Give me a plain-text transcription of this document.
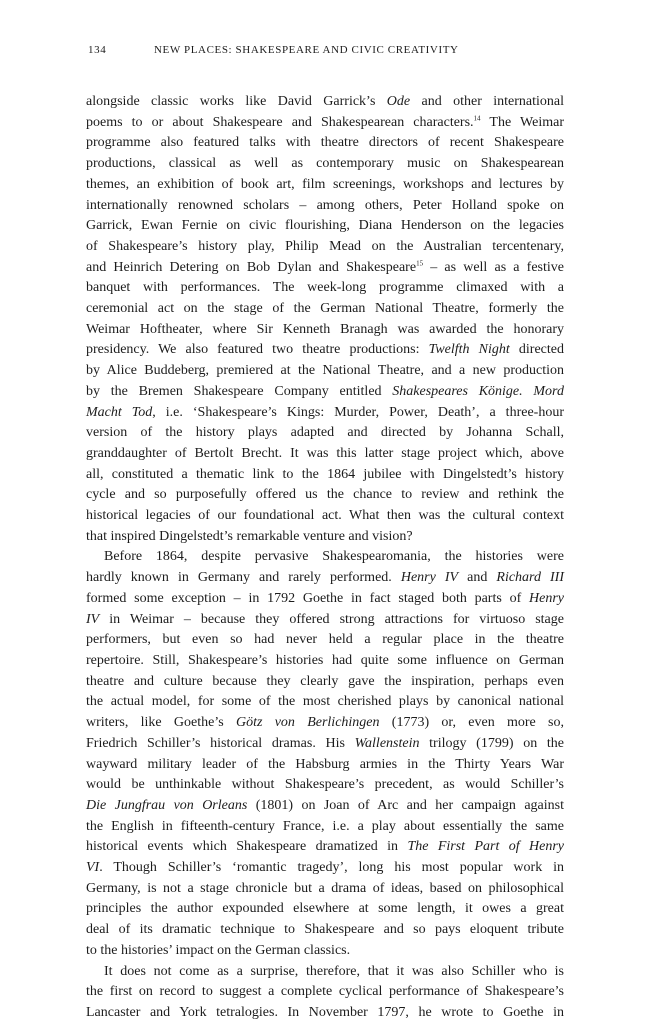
134	NEW PLACES: SHAKESPEARE AND CIVIC CREATIVITY

alongside classic works like David Garrick’s Ode and other international

poems to or about Shakespeare and Shakespearean characters.$^{14}$ The Weimar

programme also featured talks with theatre directors of recent Shakespeare

productions, classical as well as contemporary music on Shakespearean

themes, an exhibition of book art, film screenings, workshops and lectures by

internationally renowned scholars – among others, Peter Holland spoke on

Garrick, Ewan Fernie on civic flourishing, Diana Henderson on the legacies

of Shakespeare’s history play, Philip Mead on the Australian tercentenary,

and Heinrich Detering on Bob Dylan and Shakespeare$^{15}$ – as well as a festive

banquet with performances. The week-long programme climaxed with a

ceremonial act on the stage of the German National Theatre, formerly the

Weimar Hoftheater, where Sir Kenneth Branagh was awarded the honorary

presidency. We also featured two theatre productions: Twelfth Night directed

by Alice Buddeberg, premiered at the National Theatre, and a new production

by the Bremen Shakespeare Company entitled Shakespeares Könige. Mord

Macht Tod, i.e. ‘Shakespeare’s Kings: Murder, Power, Death’, a three-hour

version of the history plays adapted and directed by Johanna Schall,

granddaughter of Bertolt Brecht. It was this latter stage project which, above

all, constituted a thematic link to the 1864 jubilee with Dingelstedt’s history

cycle and so purposefully offered us the chance to review and rethink the

historical legacies of our foundational act. What then was the cultural context

that inspired Dingelstedt’s remarkable venture and vision?

Before 1864, despite pervasive Shakespearomania, the histories were

hardly known in Germany and rarely performed. Henry IV and Richard III

formed some exception – in 1792 Goethe in fact staged both parts of Henry

IV in Weimar – because they offered strong attractions for virtuoso stage

performers, but even so had never held a regular place in the theatre

repertoire. Still, Shakespeare’s histories had quite some influence on German

theatre and culture because they clearly gave the inspiration, perhaps even

the actual model, for some of the most cherished plays by canonical national

writers, like Goethe’s Götz von Berlichingen (1773) or, even more so,

Friedrich Schiller’s historical dramas. His Wallenstein trilogy (1799) on the

wayward military leader of the Habsburg armies in the Thirty Years War

would be unthinkable without Shakespeare’s precedent, as would Schiller’s

Die Jungfrau von Orleans (1801) on Joan of Arc and her campaign against

the English in fifteenth-century France, i.e. a play about essentially the same

historical events which Shakespeare dramatized in The First Part of Henry

VI. Though Schiller’s ‘romantic tragedy’, long his most popular work in

Germany, is not a stage chronicle but a drama of ideas, based on philosophical

principles the author expounded elsewhere at some length, it owes a great

deal of its dramatic technique to Shakespeare and so pays eloquent tribute

to the histories’ impact on the German classics.

It does not come as a surprise, therefore, that it was also Schiller who is

the first on record to suggest a complete cyclical performance of Shakespeare’s

Lancaster and York tetralogies. In November 1797, he wrote to Goethe in
